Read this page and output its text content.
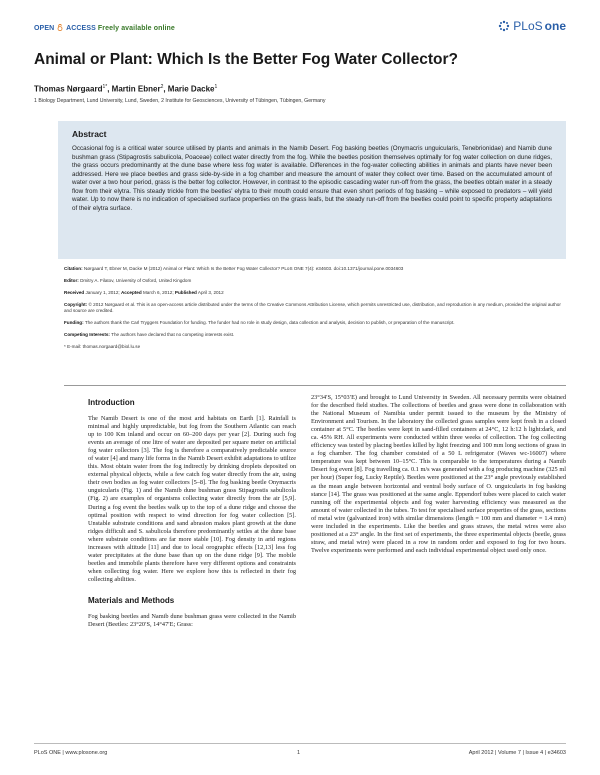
OPEN ACCESS Freely available online	PLoS one
Animal or Plant: Which Is the Better Fog Water Collector?
Thomas Nørgaard$^{1*}$, Martin Ebner$^2$, Marie Dacke$^1$
1 Biology Department, Lund University, Lund, Sweden, 2 Institute for Geosciences, University of Tübingen, Tübingen, Germany
Abstract
Occasional fog is a critical water source utilised by plants and animals in the Namib Desert. Fog basking beetles (Onymacris unguicularis, Tenebrionidae) and Namib dune bushman grass (Stipagrostis sabulicola, Poaceae) collect water directly from the fog. While the beetles position themselves optimally for fog water collection on dune ridges, the grass occurs predominantly at the dune base where less fog water is available. Differences in the fog-water collecting abilities in animals and plants have never been addressed. Here we place beetles and grass side-by-side in a fog chamber and measure the amount of water they collect over time. Based on the accumulated amount of water over a two hour period, grass is the better fog collector. However, in contrast to the episodic cascading water run-off from the grass, the beetles obtain water in a steady flow from their elytra. This steady trickle from the beetles' elytra to their mouth could ensure that even short periods of fog basking – while exposed to predators – will yield water. Up to now there is no indication of specialised surface properties on the grass leafs, but the steady run-off from the beetles could point to specific property adaptations of their elytra surface.

Citation: Nørgaard T, Ebner M, Dacke M (2012) Animal or Plant: Which Is the Better Fog Water Collector? PLoS ONE 7(4): e34603. doi:10.1371/journal.pone.0034603

Editor: Dmitry A. Filatov, University of Oxford, United Kingdom

Received January 1, 2012; Accepted March 6, 2012; Published April 3, 2012

Copyright: © 2012 Nørgaard et al. This is an open-access article distributed under the terms of the Creative Commons Attribution License, which permits unrestricted use, distribution, and reproduction in any medium, provided the original author and source are credited.

Funding: The authors thank the Carl Tryggers Foundation for funding. The funder had no role in study design, data collection and analysis, decision to publish, or preparation of the manuscript.

Competing Interests: The authors have declared that no competing interests exist.

* E-mail: thomas.norgaard@biol.lu.se

Introduction
The Namib Desert is one of the most arid habitats on Earth [1]. Rainfall is minimal and highly unpredictable, but fog from the Southern Atlantic can reach up to 100 Km inland and occur on 60–200 days per year [2]. During such fog events an average of one litre of water are deposited per square meter on artificial fog water collectors [3]. The fog is therefore a comparatively predictable source of water [4] and many life forms in the Namib Desert exhibit adaptations to utilize this. Most obtain water from the fog indirectly by drinking droplets deposited on external physical objects, while a few catch fog water directly from the air, using their own bodies as fog water collectors [5–8]. The fog basking beetle Onymacris unguicularis (Fig. 1) and the Namib dune bushman grass Stipagrostis sabulicola (Fig. 2) are examples of organisms collecting water directly from the air [5,9]. During a fog event the beetles walk up to the top of a dune ridge and choose the optimal position with respect to wind direction for fog water collection [5]. Unstable substrate conditions and sand abrasion makes plant growth at the dune ridges difficult and S. sabulicola therefore predominantly settles at the dune base where substrate conditions are far more stable [10]. Fog density in arid regions increases with altitude [11] and due to local orographic effects [12,13] less fog water precipitates at the dune base than up on the dune ridge [9]. The mobile beetles and immobile plants therefore have very different options and constraints when collecting fog water. Here we explore how this is reflected in their fog collecting abilities.
Materials and Methods
Fog basking beetles and Namib dune bushman grass were collected in the Namib Desert (Beetles: 23°20′S, 14°47′E; Grass:
23°34′S, 15°03′E) and brought to Lund University in Sweden. All necessary permits were obtained for the described field studies. The collections of beetles and grass were done in collaboration with the National Museum of Namibia under permit issued to the museum by the Ministry of Environment and Tourism. In the laboratory the collected grass samples were kept fresh in a closed container at 5°C. The beetles were kept in sand-filled containers at 24°C, 12 h:12 h light:dark, and ca. 45% RH. All experiments were conducted within three weeks of collection. The fog collecting efficiency was tested by placing beetles killed by light freezing and 100 mm long sections of grass in a fog chamber. The fog chamber consisted of a 50 L refrigerator (Waves wc-16007) where temperature was kept between 10–15°C. This is comparable to the temperatures during a Namib Desert fog event [8]. Fog travelling ca. 0.1 m/s was generated with a fog producing machine (325 ml per hour) (Super fog, Lucky Reptile). Beetles were positioned at the 23° angle previously established as the mean angle between horizontal and ventral body surface of O. unguicularis in fog basking stance [14]. The grass was positioned at the same angle. Eppendorf tubes were placed to catch water running off the experimental objects and fog water harvesting efficiency was measured as the amount of water collected in the tubes. To test for specialised surface properties of the grass, sections of metal wire (galvanized iron) with similar dimensions (length = 100 mm and diameter = 1.4 mm) were included in the experiments. Like the beetles and grass straws, the metal wires were also positioned at a 23° angle. In the first set of experiments, the three experimental objects (beetle, grass straw, and metal wire) were placed in a row in random order and exposed to fog for two hours. Twelve experiments were performed and each individual experimental object used only once.
PLoS ONE | www.plosone.org	1	April 2012 | Volume 7 | Issue 4 | e34603
